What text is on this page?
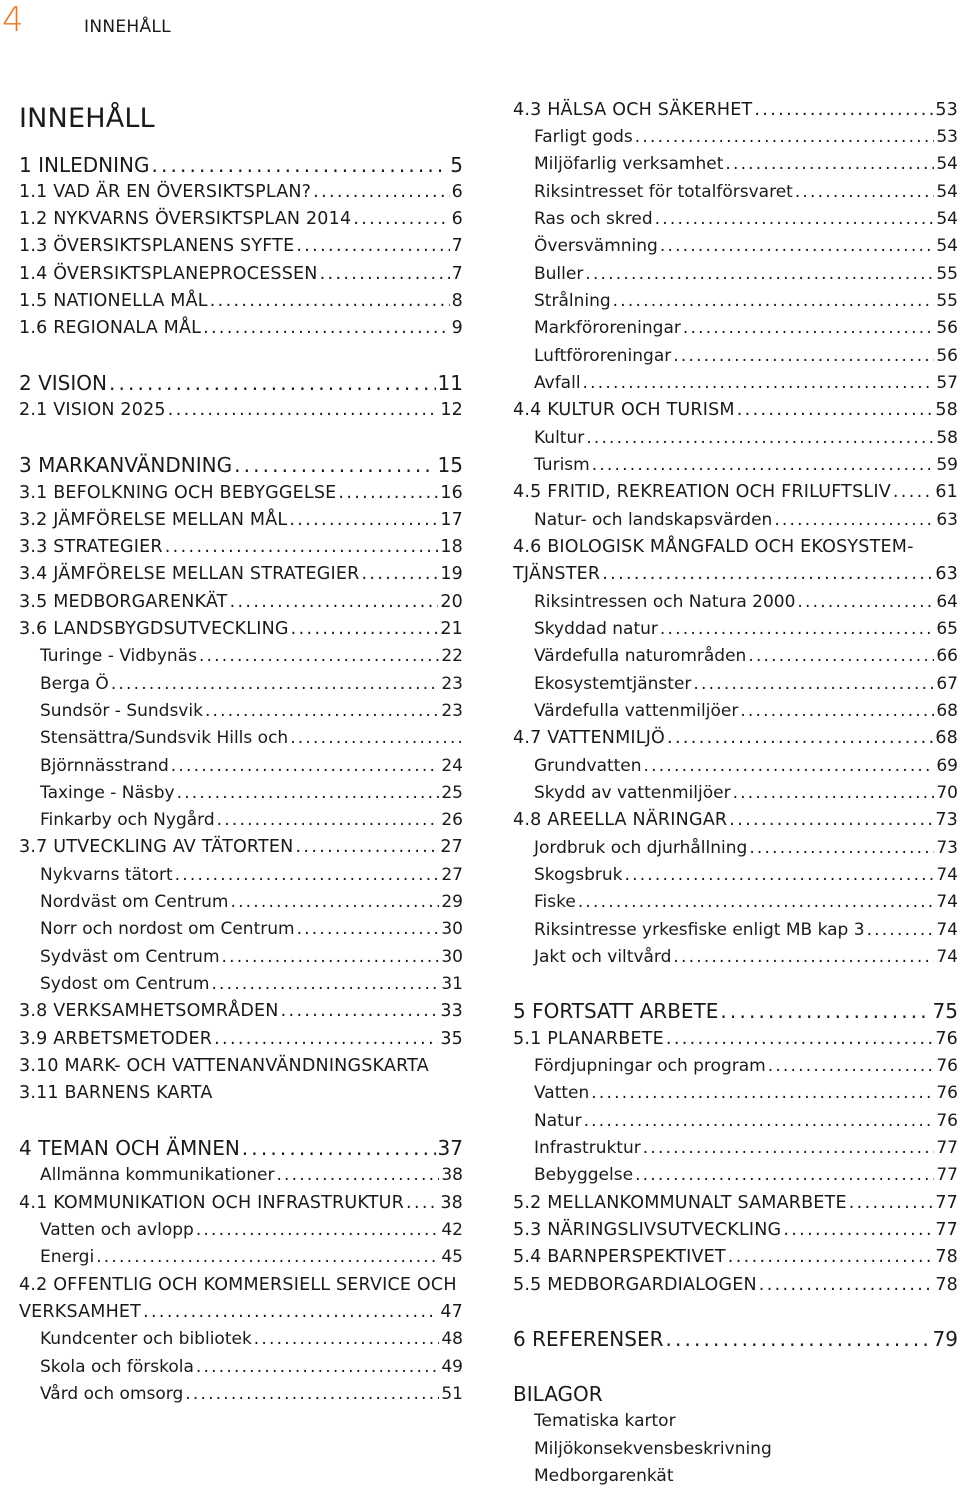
4	INNEHÅLL
INNEHÅLL
1 INLEDNING . . .	5
1.1 VAD ÄR EN ÖVERSIKTSPLAN? . . .	6
1.2 NYKVARNS ÖVERSIKTSPLAN 2014 . . .	6
1.3 ÖVERSIKTSPLANENS SYFTE . . .	7
1.4 ÖVERSIKTSPLANEPROCESSEN . . .	7
1.5 NATIONELLA MÅL . . .	8
1.6 REGIONALA MÅL . . .	9
2 VISION . . .	11
2.1 VISION 2025 . . .	12
3 MARKANVÄNDNING . . .	15
3.1 BEFOLKNING OCH BEBYGGELSE . . .	16
3.2 JÄMFÖRELSE MELLAN MÅL . . .	17
3.3 STRATEGIER . . .	18
3.4 JÄMFÖRELSE MELLAN STRATEGIER . . .	19
3.5 MEDBORGARENKÄT . . .	20
3.6 LANDSBYGDSUTVECKLING . . .	21
Turinge - Vidbynäs . . .	22
Berga Ö . . .	23
Sundsör - Sundsvik . . .	23
Stensättra/Sundsvik Hills och
. . .
Björnnässtrand . . .	24
Taxinge - Näsby . . .	25
Finkarby och Nygård . . .	26
3.7 UTVECKLING AV TÄTORTEN . . .	27
Nykvarns tätort . . .	27
Nordväst om Centrum . . .	29
Norr och nordost om Centrum . . .	30
Sydväst om Centrum . . .	30
Sydost om Centrum . . .	31
3.8 VERKSAMHETSOMRÅDEN . . .	33
3.9 ARBETSMETODER . . .	35
3.10 MARK- OCH VATTENANVÄNDNINGSKARTA
3.11 BARNENS KARTA
4 TEMAN OCH ÄMNEN . . .	37
Allmänna kommunikationer . . .	38
4.1 KOMMUNIKATION OCH INFRASTRUKTUR . . . 38
Vatten och avlopp . . .	42
Energi . . .	45
4.2 OFFENTLIG OCH KOMMERSIELL SERVICE OCH
VERKSAMHET . . .	47
Kundcenter och bibliotek . . .	48
Skola och förskola . . .	49
Vård och omsorg . . .	51
4.3 HÄLSA OCH SÄKERHET . . .	53
Farligt gods . . .	53
Miljöfarlig verksamhet . . .	54
Riksintresset för totalförsvaret . . .	54
Ras och skred . . .	54
Översvämning . . .	54
Buller . . .	55
Strålning . . .	55
Markföroreningar . . .	56
Luftföroreningar . . .	56
Avfall . . .	57
4.4 KULTUR OCH TURISM . . .	58
Kultur . . .	58
Turism . . .	59
4.5 FRITID, REKREATION OCH FRILUFTSLIV . . .	61
Natur- och landskapsvärden . . .	63
4.6 BIOLOGISK MÅNGFALD OCH EKOSYSTEM-
TJÄNSTER . . .	63
Riksintressen och Natura 2000 . . .	64
Skyddad natur . . .	65
Värdefulla naturområden . . .	66
Ekosystemtjänster . . .	67
Värdefulla vattenmiljöer . . .	68
4.7 VATTENMILJÖ . . .	68
Grundvatten . . .	69
Skydd av vattenmiljöer . . .	70
4.8 AREELLA NÄRINGAR . . .	73
Jordbruk och djurhållning . . .	73
Skogsbruk . . .	74
Fiske . . .	74
Riksintresse yrkesfiske enligt MB kap 3 . . .	74
Jakt och viltvård . . .	74
5 FORTSATT ARBETE . . .	75
5.1 PLANARBETE . . .	76
Fördjupningar och program . . .	76
Vatten . . .	76
Natur . . .	76
Infrastruktur . . .	77
Bebyggelse . . .	77
5.2 MELLANKOMMUNALT SAMARBETE . . .	77
5.3 NÄRINGSLIVSUTVECKLING . . .	77
5.4 BARNPERSPEKTIVET . . .	78
5.5 MEDBORGARDIALOGEN . . .	78
6 REFERENSER . . .	79
BILAGOR
Tematiska kartor
Miljökonsekvensbeskrivning
Medborgarenkät
